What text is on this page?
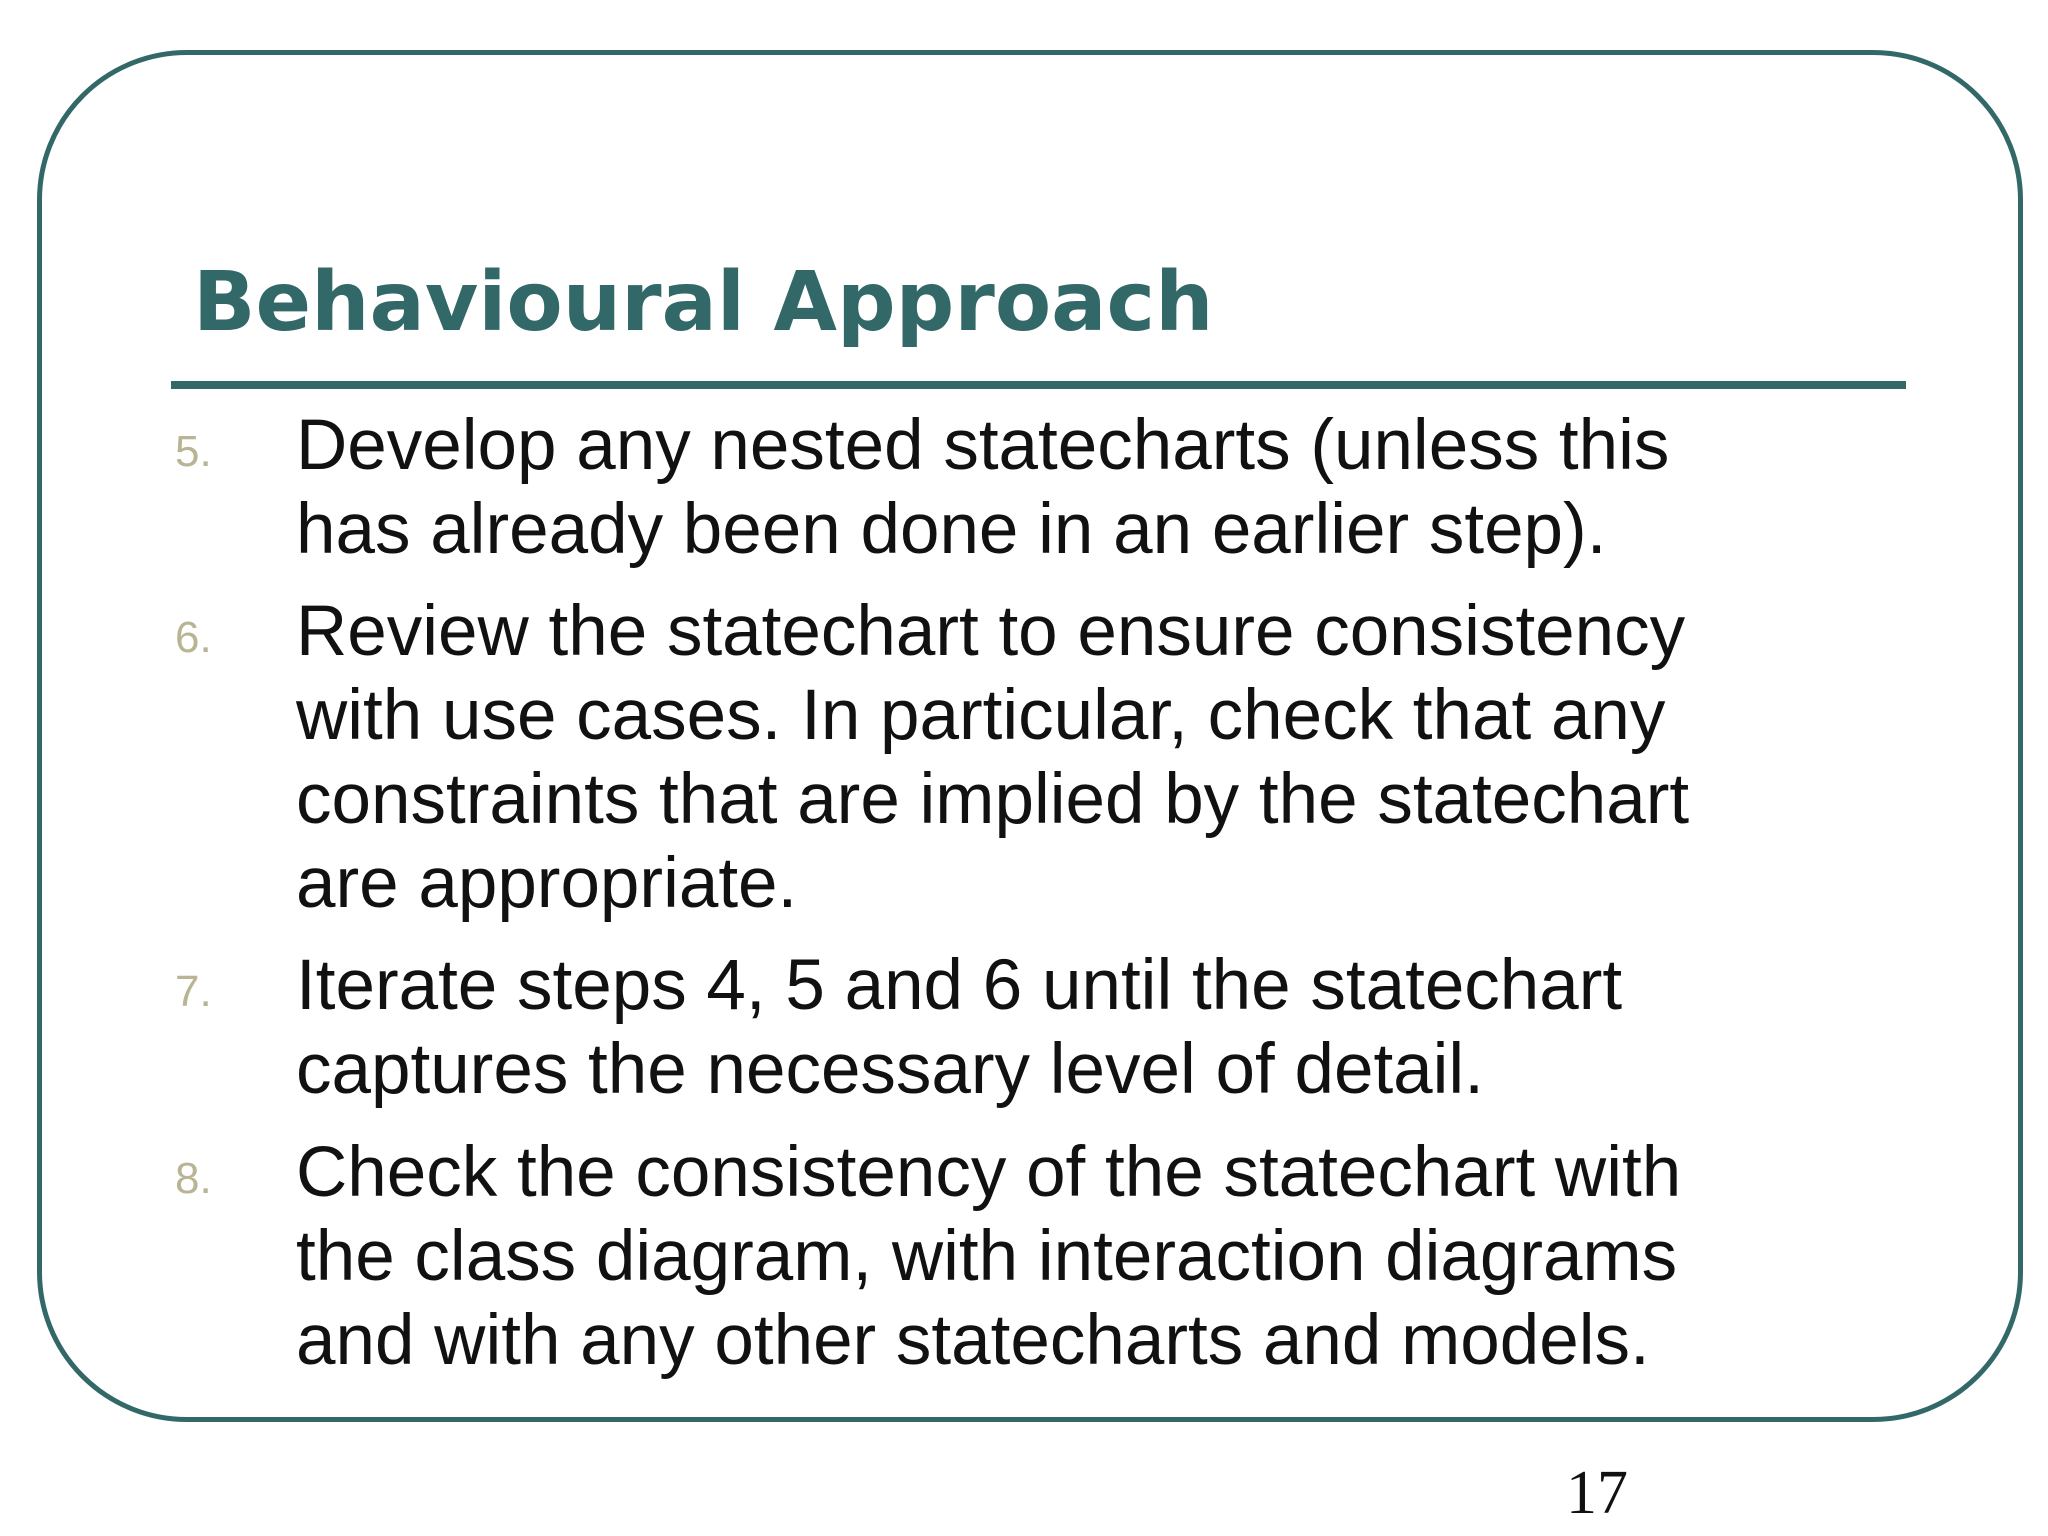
Behavioural Approach
5. Develop any nested statecharts (unless this
has already been done in an earlier step).
6. Review the statechart to ensure consistency
with use cases. In particular, check that any
constraints that are implied by the statechart
are appropriate.
7. Iterate steps 4, 5 and 6 until the statechart
captures the necessary level of detail.
8. Check the consistency of the statechart with
the class diagram, with interaction diagrams
and with any other statecharts and models.
17
